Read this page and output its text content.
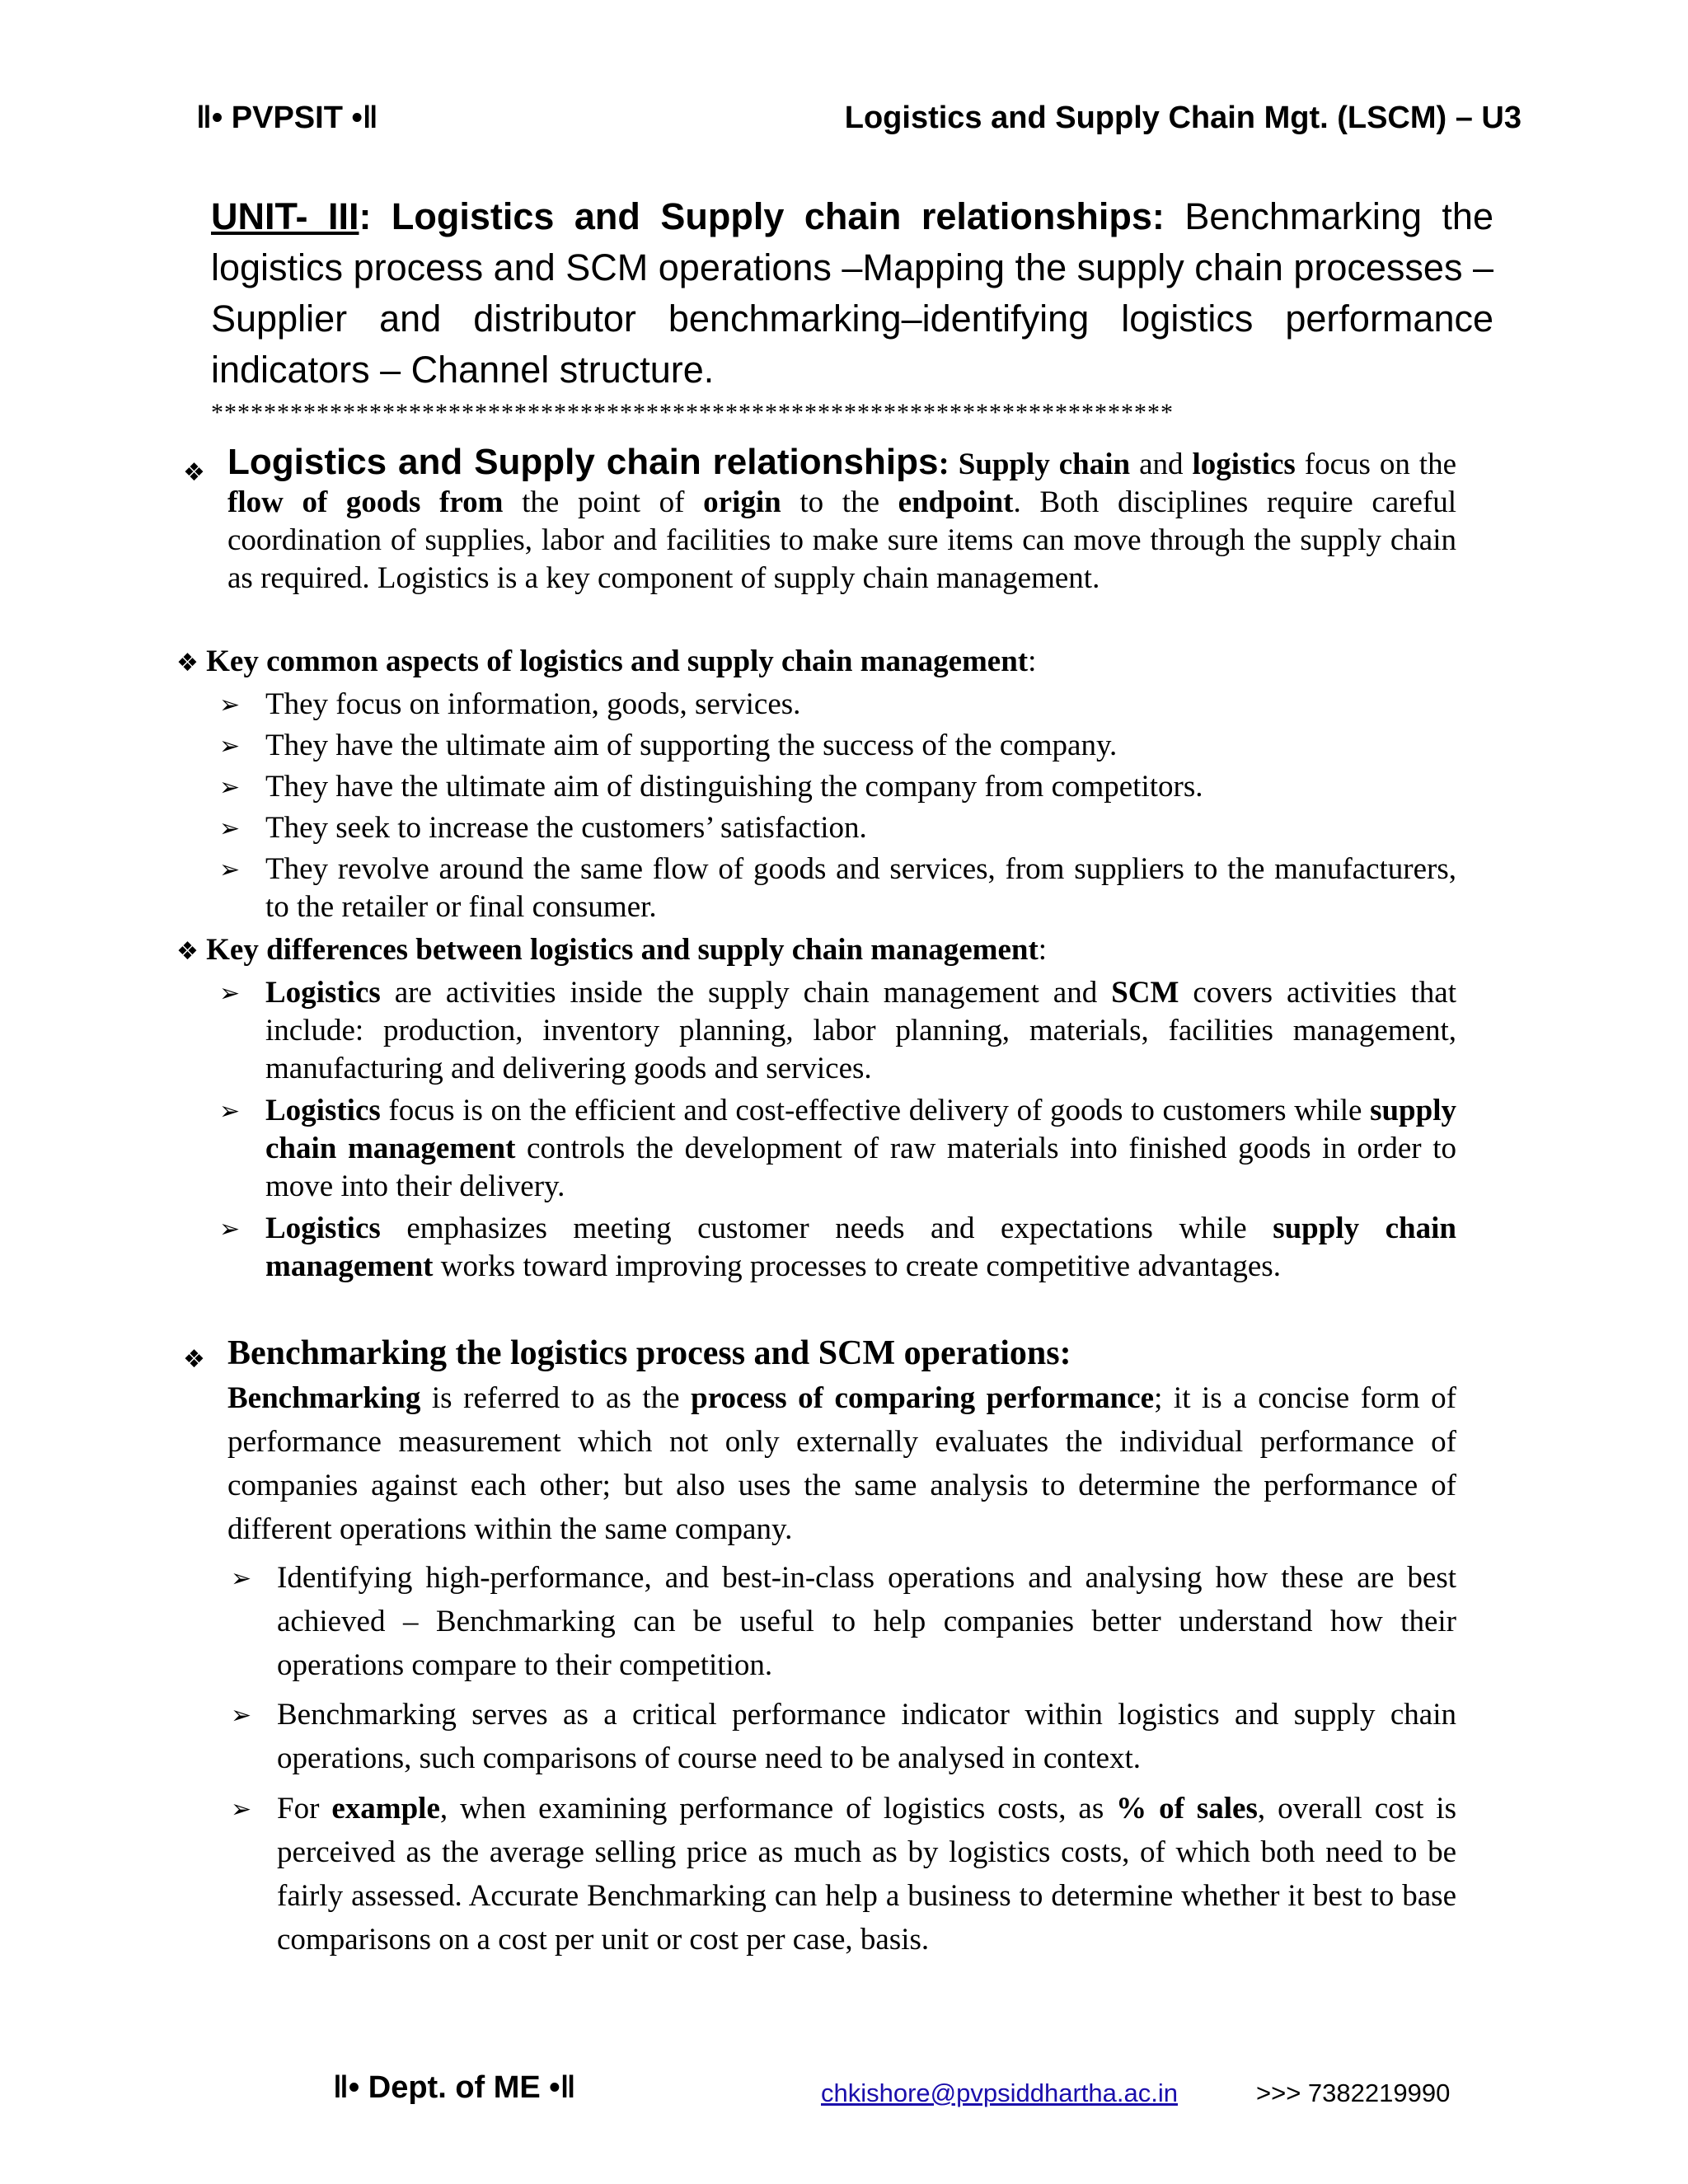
‖• PVPSIT •‖	Logistics and Supply Chain Mgt. (LSCM) – U3
UNIT- III: Logistics and Supply chain relationships: Benchmarking the logistics process and SCM operations –Mapping the supply chain processes – Supplier and distributor benchmarking–identifying logistics performance indicators – Channel structure.
*************************************************************************
❖ Logistics and Supply chain relationships: Supply chain and logistics focus on the flow of goods from the point of origin to the endpoint. Both disciplines require careful coordination of supplies, labor and facilities to make sure items can move through the supply chain as required. Logistics is a key component of supply chain management.
❖ Key common aspects of logistics and supply chain management:
➢ They focus on information, goods, services.
➢ They have the ultimate aim of supporting the success of the company.
➢ They have the ultimate aim of distinguishing the company from competitors.
➢ They seek to increase the customers’ satisfaction.
➢ They revolve around the same flow of goods and services, from suppliers to the manufacturers, to the retailer or final consumer.
❖ Key differences between logistics and supply chain management:
➢ Logistics are activities inside the supply chain management and SCM covers activities that include: production, inventory planning, labor planning, materials, facilities management, manufacturing and delivering goods and services.
➢ Logistics focus is on the efficient and cost-effective delivery of goods to customers while supply chain management controls the development of raw materials into finished goods in order to move into their delivery.
➢ Logistics emphasizes meeting customer needs and expectations while supply chain management works toward improving processes to create competitive advantages.
❖ Benchmarking the logistics process and SCM operations:
Benchmarking is referred to as the process of comparing performance; it is a concise form of performance measurement which not only externally evaluates the individual performance of companies against each other; but also uses the same analysis to determine the performance of different operations within the same company.
➢ Identifying high-performance, and best-in-class operations and analysing how these are best achieved – Benchmarking can be useful to help companies better understand how their operations compare to their competition.
➢ Benchmarking serves as a critical performance indicator within logistics and supply chain operations, such comparisons of course need to be analysed in context.
➢ For example, when examining performance of logistics costs, as % of sales, overall cost is perceived as the average selling price as much as by logistics costs, of which both need to be fairly assessed. Accurate Benchmarking can help a business to determine whether it best to base comparisons on a cost per unit or cost per case, basis.
‖• Dept. of ME •‖	chkishore@pvpsiddhartha.ac.in	>>> 7382219990
